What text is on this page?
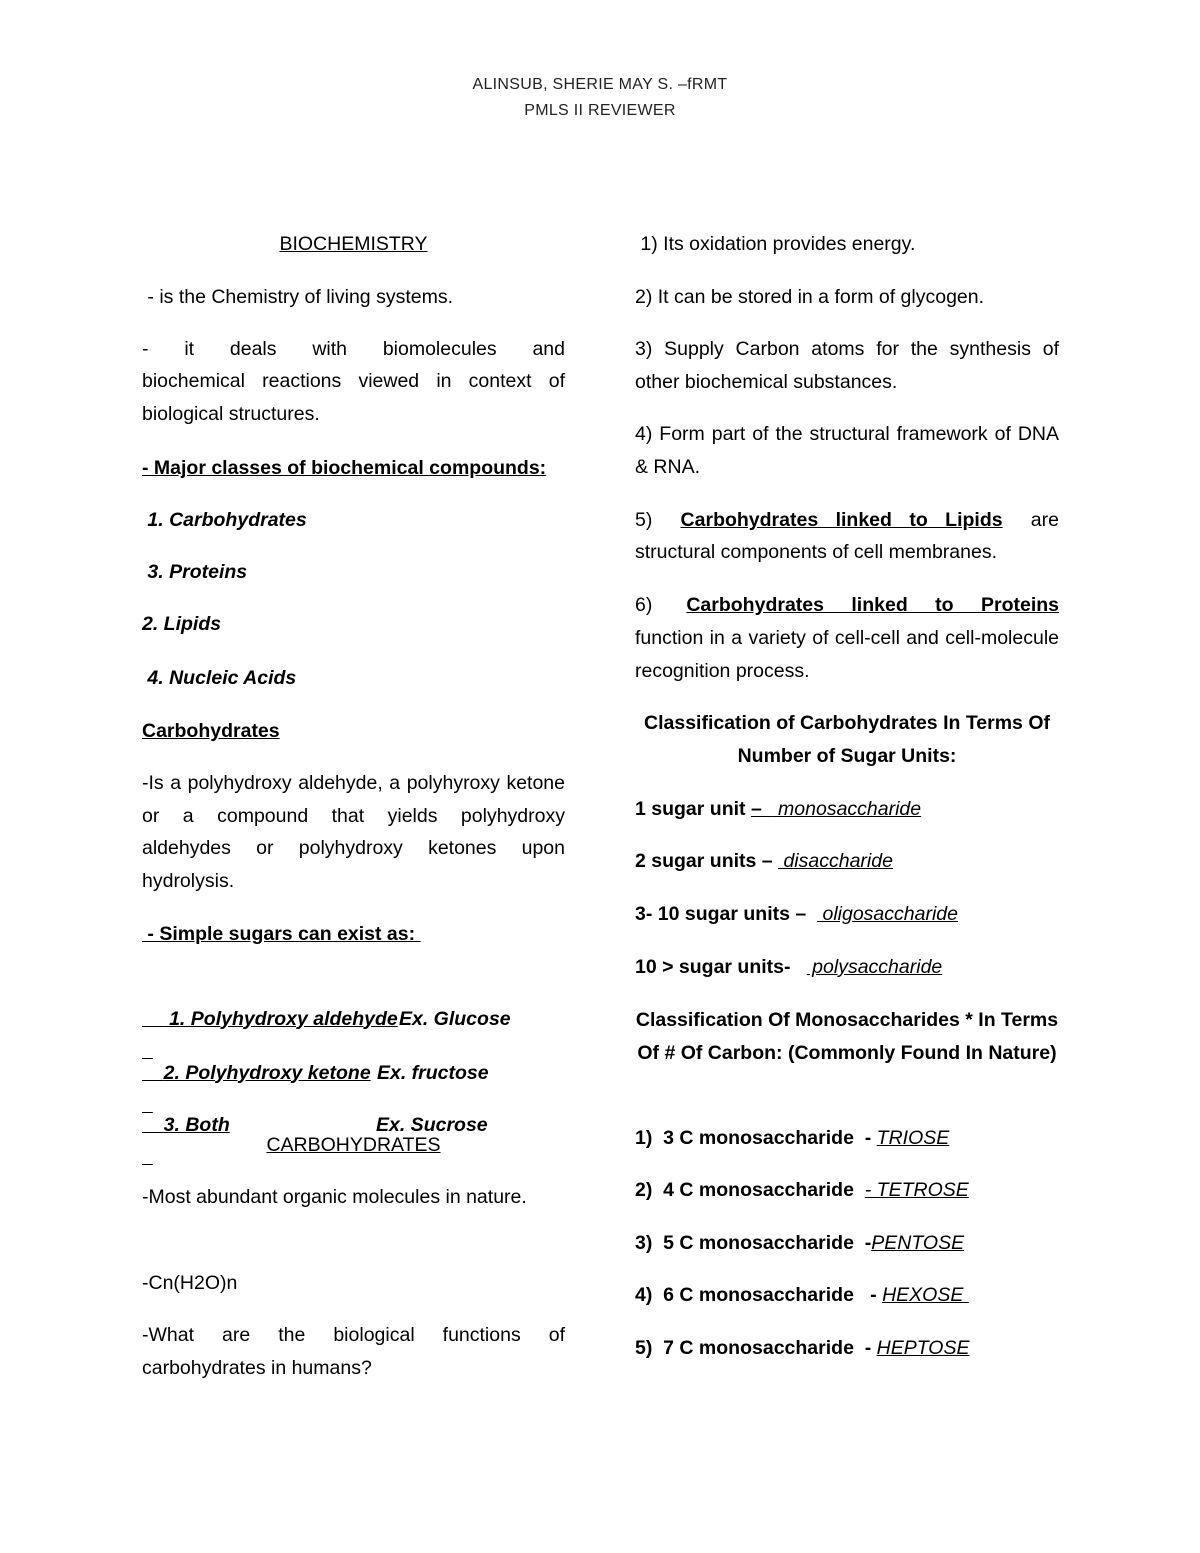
ALINSUB, SHERIE MAY S. –fRMT
PMLS II REVIEWER

BIOCHEMISTRY

- is the Chemistry of living systems.

- it deals with biomolecules and

biochemical reactions viewed in context of biological structures.

- Major classes of biochemical compounds:

1. Carbohydrates

3. Proteins

2. Lipids

4. Nucleic Acids

Carbohydrates

-Is a polyhydroxy aldehyde, a polyhyroxy ketone or a compound that yields polyhydroxy aldehydes or polyhydroxy ketones upon hydrolysis.

- Simple sugars can exist as:

1. Polyhydroxy aldehyde Ex. Glucose

2. Polyhydroxy ketone Ex. fructose

3. Both	Ex. Sucrose

CARBOHYDRATES

-Most abundant organic molecules in nature.

-Cn(H2O)n

-What are the biological functions of carbohydrates in humans?

1) Its oxidation provides energy.

2) It can be stored in a form of glycogen.

3) Supply Carbon atoms for the synthesis of other biochemical substances.

4) Form part of the structural framework of DNA & RNA.

5) Carbohydrates linked to Lipids are

structural components of cell membranes.

6) Carbohydrates linked to Proteins

function in a variety of cell-cell and cell-molecule recognition process.

Classification of Carbohydrates In Terms Of Number of Sugar Units:

1 sugar unit –   monosaccharide

2 sugar units –  disaccharide

3- 10 sugar units –   oligosaccharide

10 > sugar units-    polysaccharide

Classification Of Monosaccharides * In Terms Of # Of Carbon: (Commonly Found In Nature)

1)  3 C monosaccharide  - TRIOSE

2)  4 C monosaccharide  - TETROSE

3)  5 C monosaccharide  -PENTOSE

4)  6 C monosaccharide   - HEXOSE

5)  7 C monosaccharide  - HEPTOSE
